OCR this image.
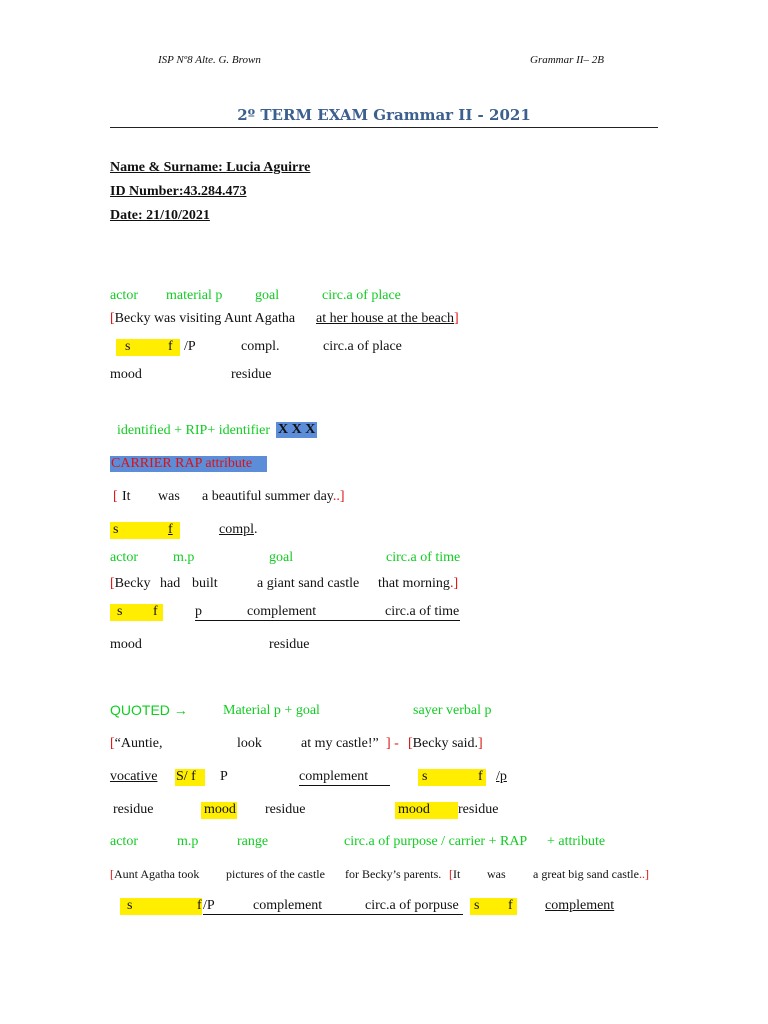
ISP Nº8 Alte. G. Brown	Grammar II– 2B
2º TERM EXAM Grammar II - 2021
Name & Surname: Lucia Aguirre
ID Number:43.284.473
Date: 21/10/2021
actor material p goal	circ.a of place
[Becky was visiting Aunt Agatha at her house at the beach]
s	f /P	compl.	circ.a of place
mood	residue
identified + RIP+ identifier X X X
CARRIER RAP attribute
[ It was a beautiful summer day..]
s	f	compl.
actor	m.p	goal	circ.a of time
[Becky had built	a giant sand castle that morning.]
s f	p	complement	circ.a of time
mood	residue
QUOTED →	Material p + goal	sayer verbal p
[“Auntie,	look	at my castle!” ] - [Becky said.]
vocative S/ f P	complement	s	f /p
residue	mood residue	mood residue
actor	m.p	range	circ.a of purpose / carrier + RAP + attribute
[Aunt Agatha took pictures of the castle for Becky’s parents. [It was a great big sand castle..]
s	f /P	complement	circ.a of porpuse s f complement
